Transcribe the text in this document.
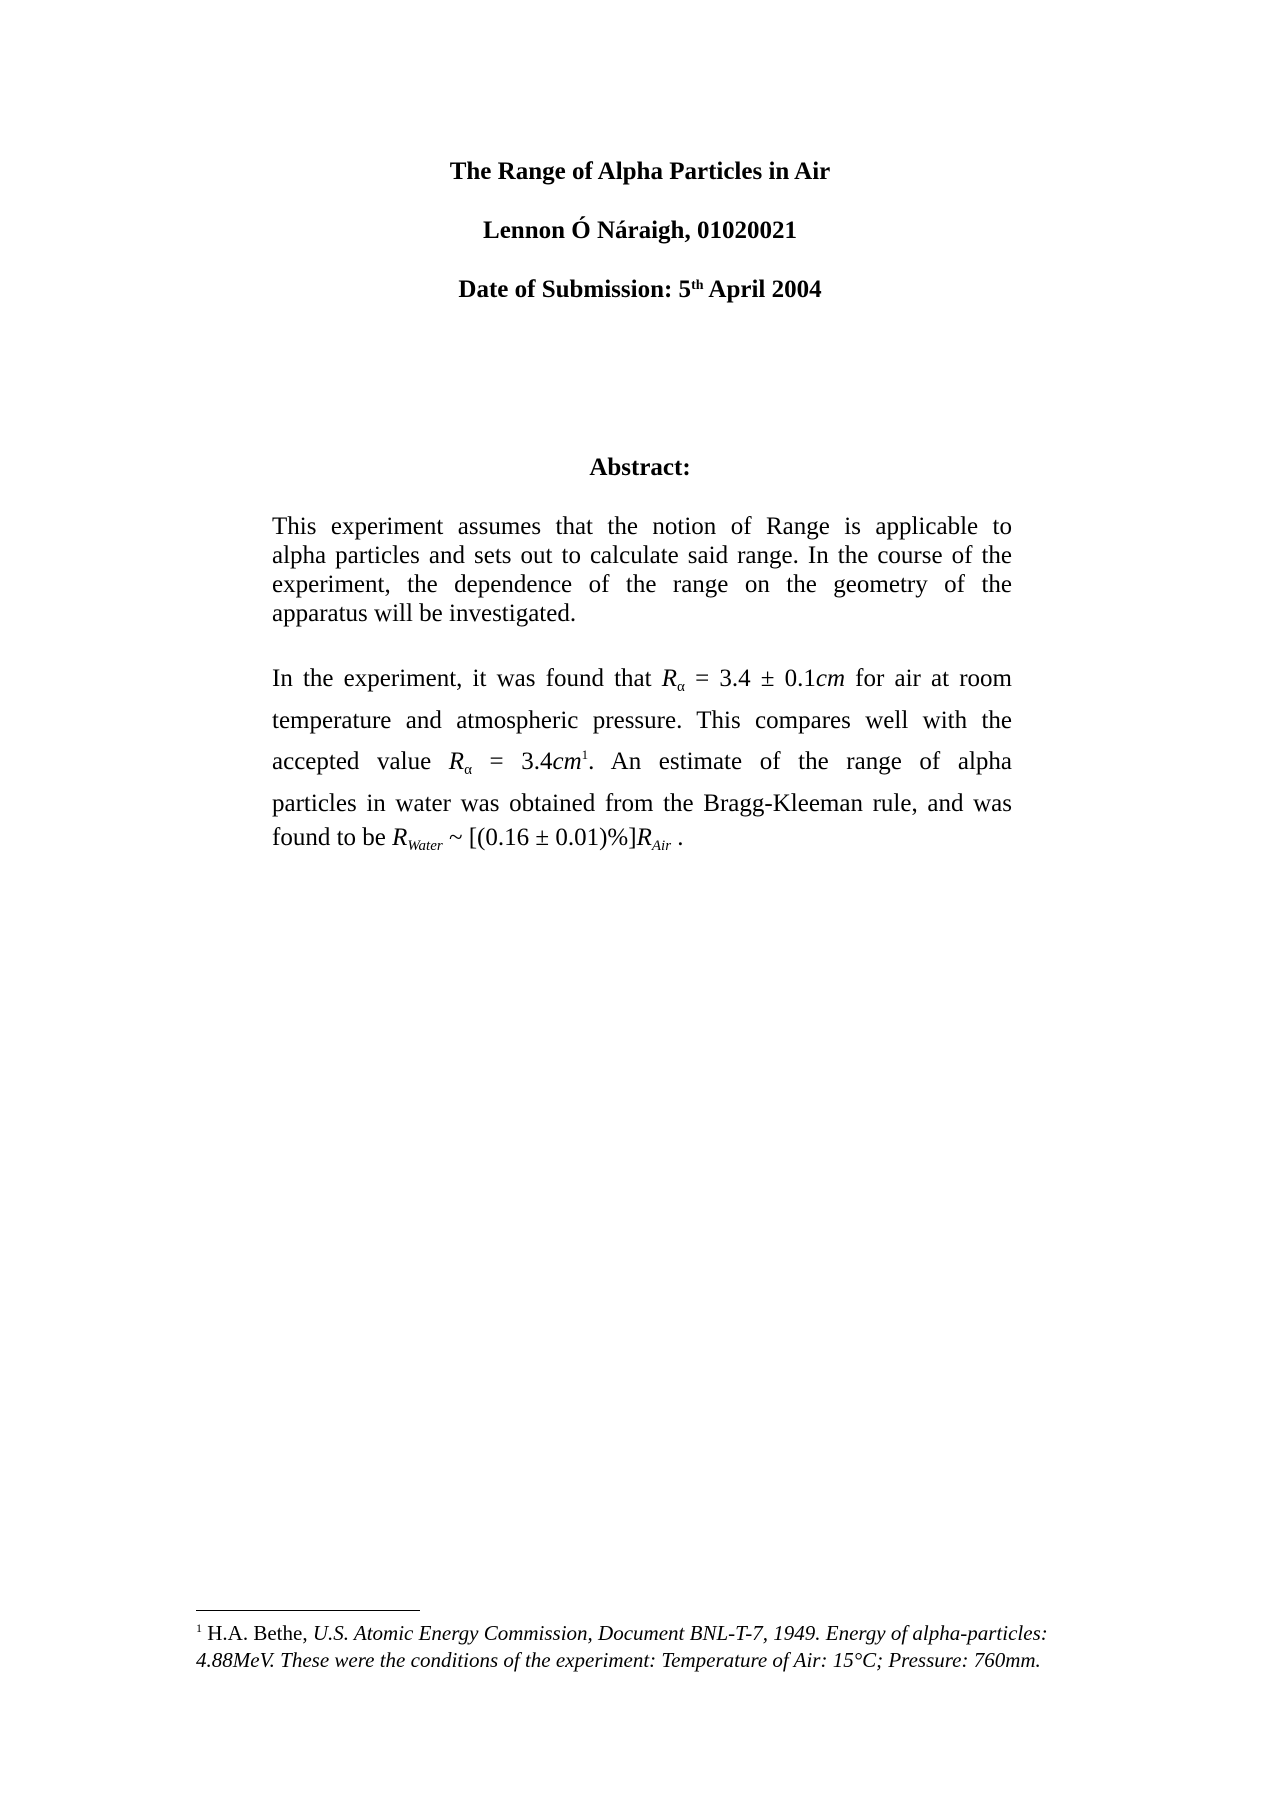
The Range of Alpha Particles in Air
Lennon Ó Náraigh, 01020021
Date of Submission: 5th April 2004
Abstract:
This experiment assumes that the notion of Range is applicable to
alpha particles and sets out to calculate said range. In the course of the
experiment, the dependence of the range on the geometry of the
apparatus will be investigated.
In the experiment, it was found that $R_\alpha = 3.4 \pm 0.1cm$ for air at room
temperature and atmospheric pressure. This compares well with the
accepted value $R_\alpha = 3.4cm^1$. An estimate of the range of alpha
particles in water was obtained from the Bragg-Kleeman rule, and was
found to be $R_{Water}$ ~ $[(0.16 \pm 0.01)\%]R_{Air}$ .
$^1$ H.A. Bethe, U.S. Atomic Energy Commission, Document BNL-T-7, 1949. Energy of alpha-particles:
4.88MeV. These were the conditions of the experiment: Temperature of Air: 15°C; Pressure: 760mm.
